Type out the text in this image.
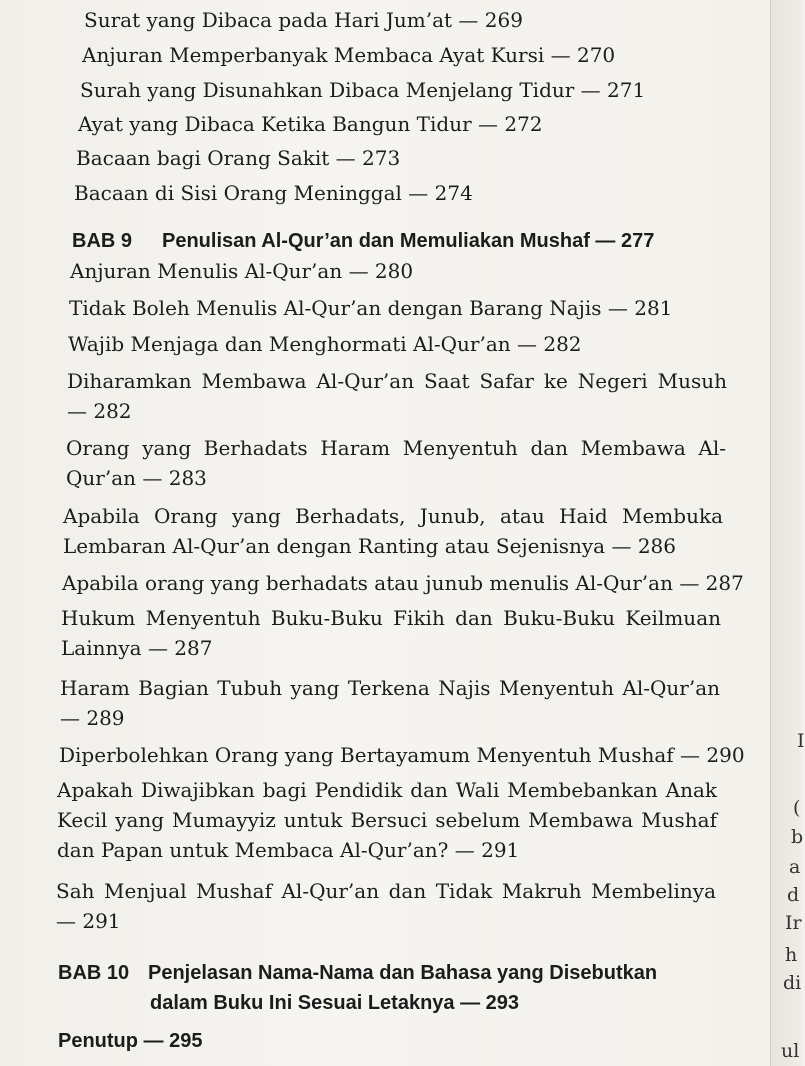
Surat yang Dibaca pada Hari Jum’at — 269
Anjuran Memperbanyak Membaca Ayat Kursi — 270
Surah yang Disunahkan Dibaca Menjelang Tidur — 271
Ayat yang Dibaca Ketika Bangun Tidur — 272
Bacaan bagi Orang Sakit — 273
Bacaan di Sisi Orang Meninggal — 274
BAB 9 Penulisan Al-Qur’an dan Memuliakan Mushaf — 277
Anjuran Menulis Al-Qur’an — 280
Tidak Boleh Menulis Al-Qur’an dengan Barang Najis — 281
Wajib Menjaga dan Menghormati Al-Qur’an — 282
Diharamkan Membawa Al-Qur’an Saat Safar ke Negeri Musuh — 282
Orang yang Berhadats Haram Menyentuh dan Membawa Al-Qur’an — 283
Apabila Orang yang Berhadats, Junub, atau Haid Membuka Lembaran Al-Qur’an dengan Ranting atau Sejenisnya — 286
Apabila orang yang berhadats atau junub menulis Al-Qur’an — 287
Hukum Menyentuh Buku-Buku Fikih dan Buku-Buku Keilmuan Lainnya — 287
Haram Bagian Tubuh yang Terkena Najis Menyentuh Al-Qur’an — 289
Diperbolehkan Orang yang Bertayamum Menyentuh Mushaf — 290
Apakah Diwajibkan bagi Pendidik dan Wali Membebankan Anak Kecil yang Mumayyiz untuk Bersuci sebelum Membawa Mushaf dan Papan untuk Membaca Al-Qur’an? — 291
Sah Menjual Mushaf Al-Qur’an dan Tidak Makruh Membelinya — 291
BAB 10 Penjelasan Nama-Nama dan Bahasa yang Disebutkan
dalam Buku Ini Sesuai Letaknya — 293
Penutup — 295
I
(
b
a
d
Ir
h
di
ul
